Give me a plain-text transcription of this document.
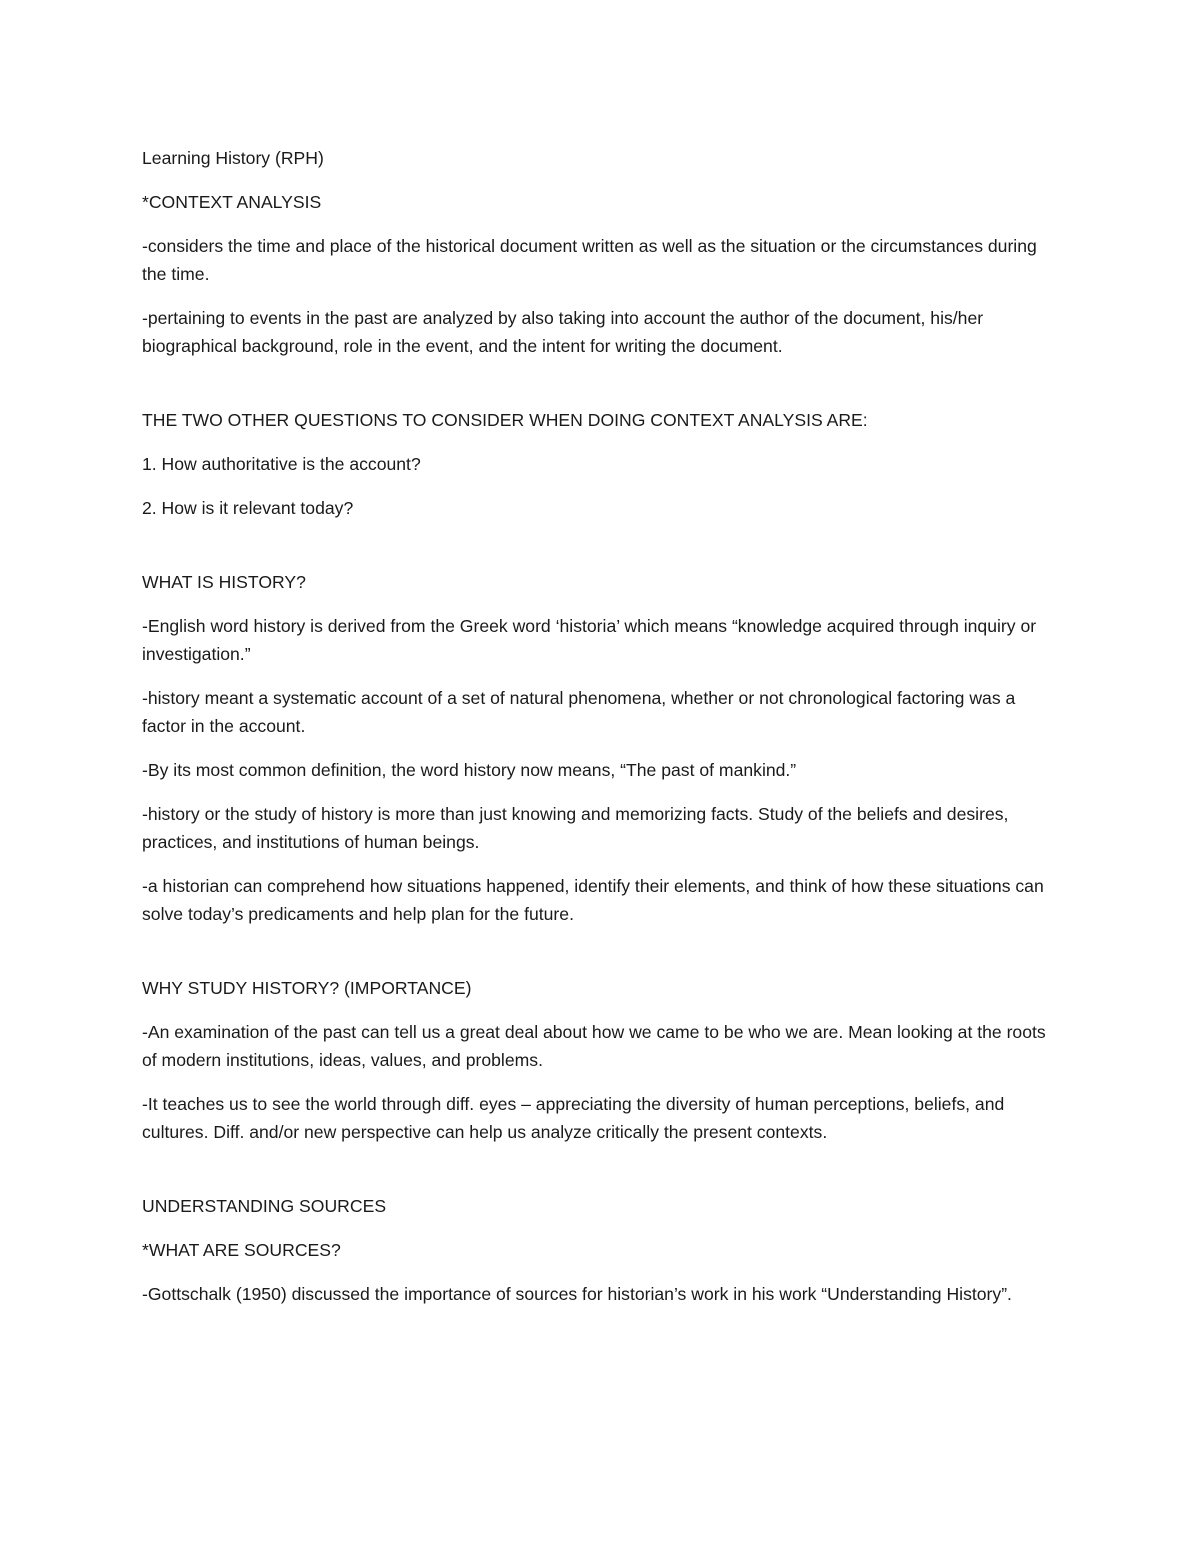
Learning History (RPH)

*CONTEXT ANALYSIS

-considers the time and place of the historical document written as well as the situation or the circumstances during the time.

-pertaining to events in the past are analyzed by also taking into account the author of the document, his/her biographical background, role in the event, and the intent for writing the document.

THE TWO OTHER QUESTIONS TO CONSIDER WHEN DOING CONTEXT ANALYSIS ARE:

1. How authoritative is the account?

2. How is it relevant today?

WHAT IS HISTORY?

-English word history is derived from the Greek word ‘historia’ which means “knowledge acquired through inquiry or investigation.”

-history meant a systematic account of a set of natural phenomena, whether or not chronological factoring was a factor in the account.

-By its most common definition, the word history now means, “The past of mankind.”

-history or the study of history is more than just knowing and memorizing facts. Study of the beliefs and desires, practices, and institutions of human beings.

-a historian can comprehend how situations happened, identify their elements, and think of how these situations can solve today’s predicaments and help plan for the future.

WHY STUDY HISTORY? (IMPORTANCE)

-An examination of the past can tell us a great deal about how we came to be who we are. Mean looking at the roots of modern institutions, ideas, values, and problems.

-It teaches us to see the world through diff. eyes – appreciating the diversity of human perceptions, beliefs, and cultures. Diff. and/or new perspective can help us analyze critically the present contexts.

UNDERSTANDING SOURCES

*WHAT ARE SOURCES?

-Gottschalk (1950) discussed the importance of sources for historian’s work in his work “Understanding History”.
